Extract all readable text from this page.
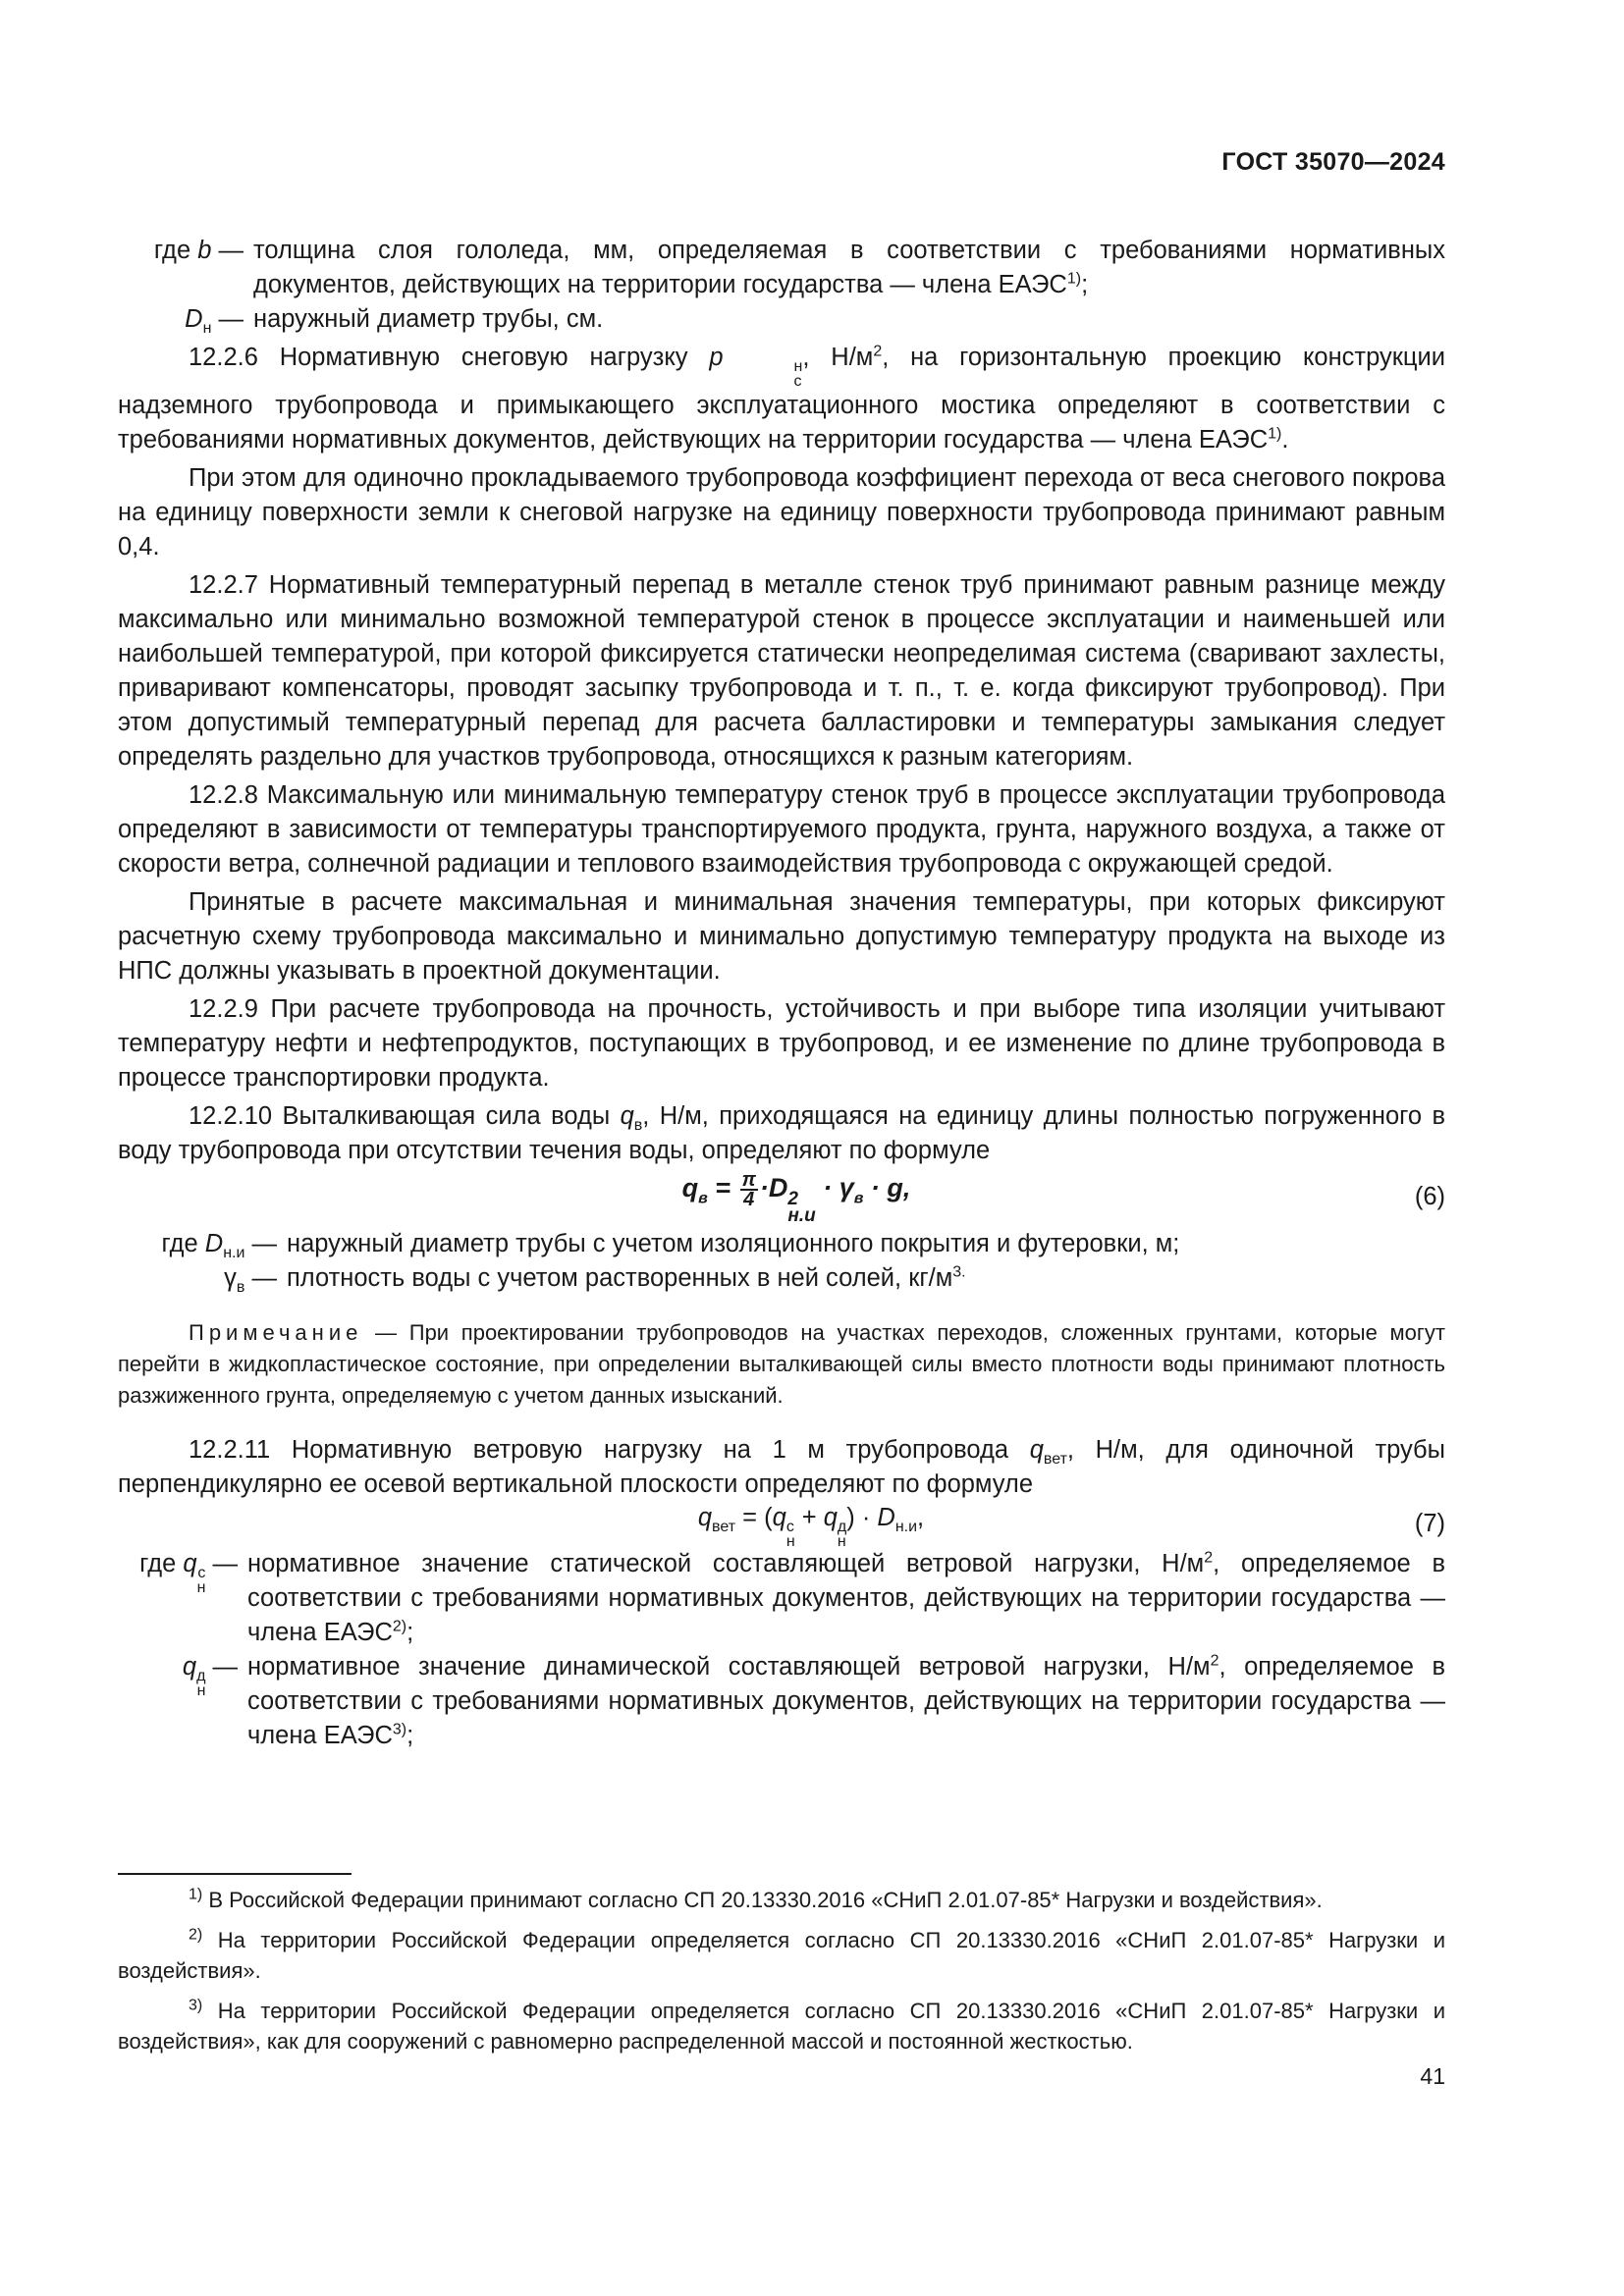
ГОСТ 35070—2024
где b — толщина слоя гололеда, мм, определяемая в соответствии с требованиями нормативных документов, действующих на территории государства — члена ЕАЭС$^{1)}$;
$D_н$ — наружный диаметр трубы, см.

12.2.6 Нормативную снеговую нагрузку p	н
с
, $Н/м^2$, на горизонтальную проекцию конструкции надземного трубопровода и примыкающего эксплуатационного мостика определяют в соответствии с требованиями нормативных документов, действующих на территории государства — члена ЕАЭС$^{1)}$.

При этом для одиночно прокладываемого трубопровода коэффициент перехода от веса снегового покрова на единицу поверхности земли к снеговой нагрузке на единицу поверхности трубопровода принимают равным 0,4.

12.2.7 Нормативный температурный перепад в металле стенок труб принимают равным разнице между максимально или минимально возможной температурой стенок в процессе эксплуатации и наименьшей или наибольшей температурой, при которой фиксируется статически неопределимая система (сваривают захлесты, приваривают компенсаторы, проводят засыпку трубопровода и т. п., т. е. когда фиксируют трубопровод). При этом допустимый температурный перепад для расчета балластировки и температуры замыкания следует определять раздельно для участков трубопровода, относящихся к разным категориям.

12.2.8 Максимальную или минимальную температуру стенок труб в процессе эксплуатации трубопровода определяют в зависимости от температуры транспортируемого продукта, грунта, наружного воздуха, а также от скорости ветра, солнечной радиации и теплового взаимодействия трубопровода с окружающей средой.

Принятые в расчете максимальная и минимальная значения температуры, при которых фиксируют расчетную схему трубопровода максимально и минимально допустимую температуру продукта на выходе из НПС должны указывать в проектной документации.

12.2.9 При расчете трубопровода на прочность, устойчивость и при выборе типа изоляции учитывают температуру нефти и нефтепродуктов, поступающих в трубопровод, и ее изменение по длине трубопровода в процессе транспортировки продукта.

12.2.10 Выталкивающая сила воды $q_в$, Н/м, приходящаяся на единицу длины полностью погруженного в воду трубопровода при отсутствии течения воды, определяют по формуле

$q_в = \frac{\pi}{4} \cdot D$ 2
н.и
· $\gamma_в \cdot g$,	(6)
где $D_{н.и}$ — наружный диаметр трубы с учетом изоляционного покрытия и футеровки, м;
$\gamma_в$ — плотность воды с учетом растворенных в ней солей, $кг/м^{3.}$

Примечание — При проектировании трубопроводов на участках переходов, сложенных грунтами, которые могут перейти в жидкопластическое состояние, при определении выталкивающей силы вместо плотности воды принимают плотность разжиженного грунта, определяемую с учетом данных изысканий.

12.2.11 Нормативную ветровую нагрузку на 1 м трубопровода $q_{вет}$, Н/м, для одиночной трубы перпендикулярно ее осевой вертикальной плоскости определяют по формуле

$q_{вет} = (q$ с
н
+ q д
н
) · $D_{н.и}$,	(7)
где q с
н
— нормативное значение статической составляющей ветровой нагрузки, $Н/м^2$, определяемое в соответствии с требованиями нормативных документов, действующих на территории государства — члена ЕАЭС$^{2)}$;
q д
н
— нормативное значение динамической составляющей ветровой нагрузки, $Н/м^2$, определяемое в соответствии с требованиями нормативных документов, действующих на территории государства — члена ЕАЭС$^{3)}$;

$^{1)}$ В Российской Федерации принимают согласно СП 20.13330.2016 «СНиП 2.01.07-85* Нагрузки и воздействия».

$^{2)}$ На территории Российской Федерации определяется согласно СП 20.13330.2016 «СНиП 2.01.07-85* Нагрузки и воздействия».

$^{3)}$ На территории Российской Федерации определяется согласно СП 20.13330.2016 «СНиП 2.01.07-85* Нагрузки и воздействия», как для сооружений с равномерно распределенной массой и постоянной жесткостью.

41
